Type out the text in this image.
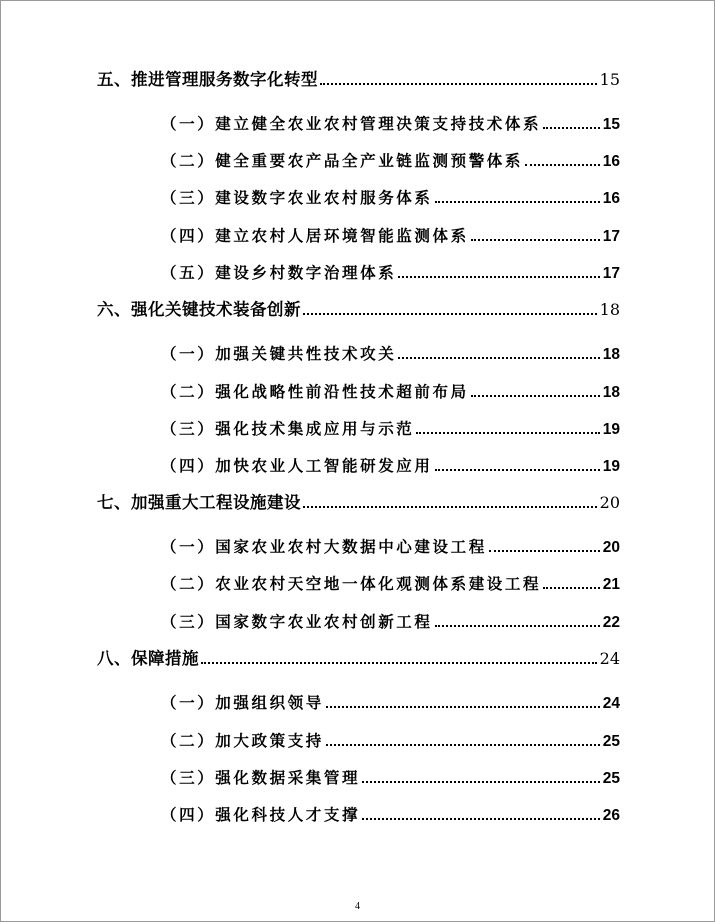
五、推进管理服务数字化转型	15
（一）建立健全农业农村管理决策支持技术体系	15
（二）健全重要农产品全产业链监测预警体系	16
（三）建设数字农业农村服务体系	16
（四）建立农村人居环境智能监测体系	17
（五）建设乡村数字治理体系	17
六、强化关键技术装备创新	18
（一）加强关键共性技术攻关	18
（二）强化战略性前沿性技术超前布局	18
（三）强化技术集成应用与示范	19
（四）加快农业人工智能研发应用	19
七、加强重大工程设施建设	20
（一）国家农业农村大数据中心建设工程	20
（二）农业农村天空地一体化观测体系建设工程	21
（三）国家数字农业农村创新工程	22
八、保障措施	24
（一）加强组织领导	24
（二）加大政策支持	25
（三）强化数据采集管理	25
（四）强化科技人才支撑	26
4
